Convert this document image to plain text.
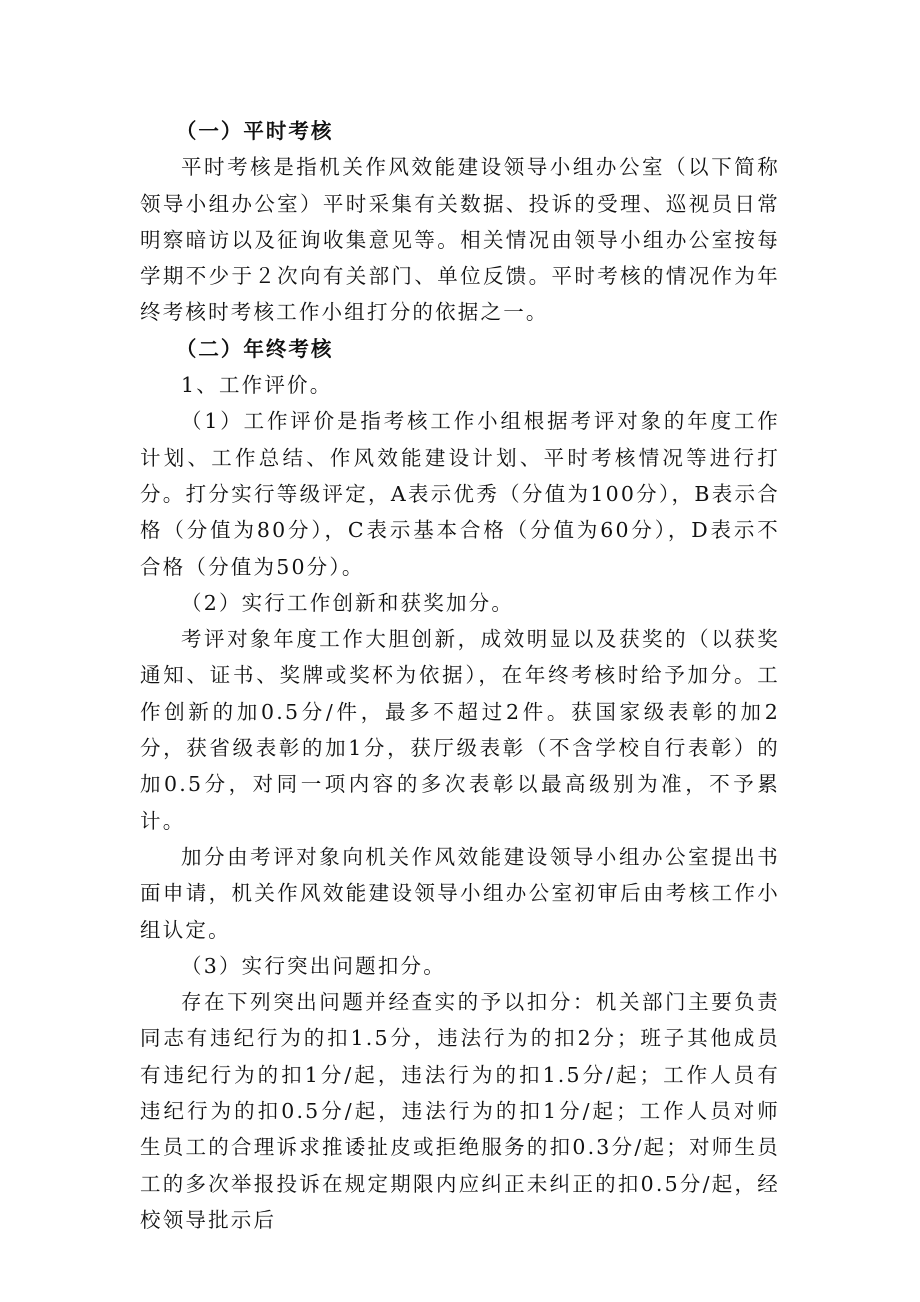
（一）平时考核

平时考核是指机关作风效能建设领导小组办公室（以下简称领导小组办公室）平时采集有关数据、投诉的受理、巡视员日常明察暗访以及征询收集意见等。相关情况由领导小组办公室按每学期不少于２次向有关部门、单位反馈。平时考核的情况作为年终考核时考核工作小组打分的依据之一。

（二）年终考核

1、工作评价。

（1）工作评价是指考核工作小组根据考评对象的年度工作计划、工作总结、作风效能建设计划、平时考核情况等进行打分。打分实行等级评定，A表示优秀（分值为100分），B表示合格（分值为80分），C表示基本合格（分值为60分），D表示不合格（分值为50分）。

（2）实行工作创新和获奖加分。

考评对象年度工作大胆创新，成效明显以及获奖的（以获奖通知、证书、奖牌或奖杯为依据），在年终考核时给予加分。工作创新的加0.5分/件，最多不超过2件。获国家级表彰的加2分，获省级表彰的加1分，获厅级表彰（不含学校自行表彰）的加0.5分，对同一项内容的多次表彰以最高级别为准，不予累计。

加分由考评对象向机关作风效能建设领导小组办公室提出书面申请，机关作风效能建设领导小组办公室初审后由考核工作小组认定。

（3）实行突出问题扣分。

存在下列突出问题并经查实的予以扣分：机关部门主要负责同志有违纪行为的扣1.5分，违法行为的扣2分；班子其他成员有违纪行为的扣1分/起，违法行为的扣1.5分/起；工作人员有违纪行为的扣0.5分/起，违法行为的扣1分/起；工作人员对师生员工的合理诉求推诿扯皮或拒绝服务的扣0.3分/起；对师生员工的多次举报投诉在规定期限内应纠正未纠正的扣0.5分/起，经校领导批示后
